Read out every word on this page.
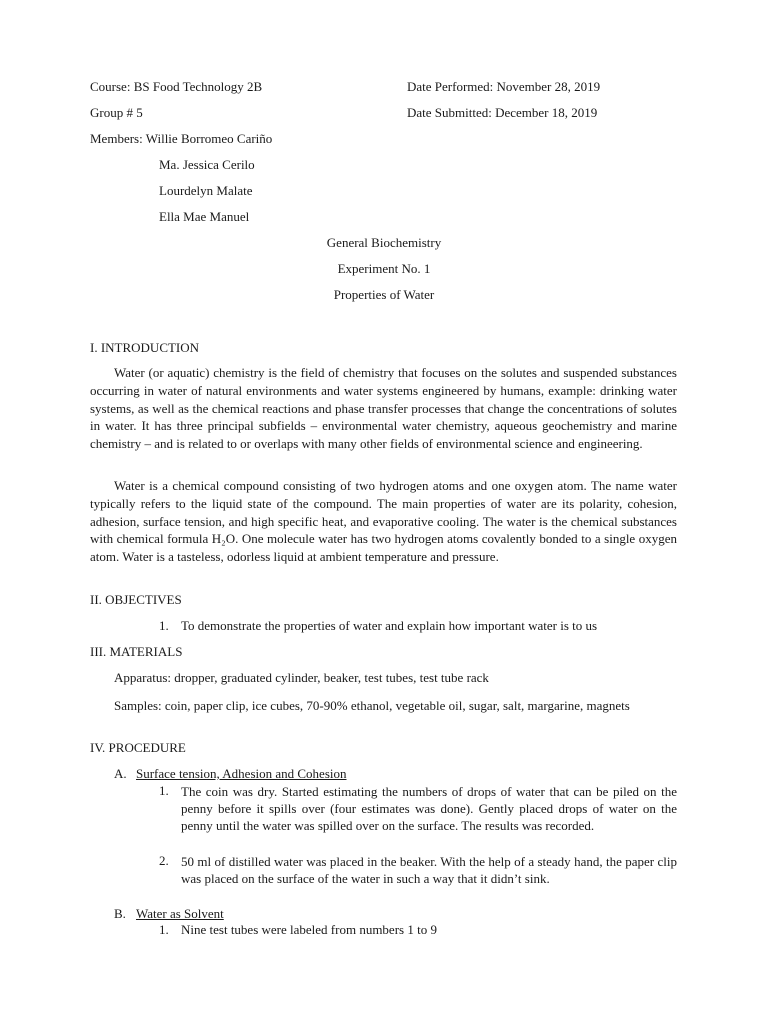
Course: BS Food Technology 2B	Date Performed: November 28, 2019
Group # 5	Date Submitted: December 18, 2019
Members: Willie Borromeo Cariño
Ma. Jessica Cerilo
Lourdelyn Malate
Ella Mae Manuel
General Biochemistry
Experiment No. 1
Properties of Water
I. INTRODUCTION
Water (or aquatic) chemistry is the field of chemistry that focuses on the solutes and suspended substances occurring in water of natural environments and water systems engineered by humans, example: drinking water systems, as well as the chemical reactions and phase transfer processes that change the concentrations of solutes in water. It has three principal subfields – environmental water chemistry, aqueous geochemistry and marine chemistry – and is related to or overlaps with many other fields of environmental science and engineering.
Water is a chemical compound consisting of two hydrogen atoms and one oxygen atom. The name water typically refers to the liquid state of the compound. The main properties of water are its polarity, cohesion, adhesion, surface tension, and high specific heat, and evaporative cooling. The water is the chemical substances with chemical formula H₂O. One molecule water has two hydrogen atoms covalently bonded to a single oxygen atom. Water is a tasteless, odorless liquid at ambient temperature and pressure.
II. OBJECTIVES
1. To demonstrate the properties of water and explain how important water is to us
III. MATERIALS
Apparatus: dropper, graduated cylinder, beaker, test tubes, test tube rack
Samples: coin, paper clip, ice cubes, 70-90% ethanol, vegetable oil, sugar, salt, margarine, magnets
IV. PROCEDURE
A. Surface tension, Adhesion and Cohesion
1. The coin was dry. Started estimating the numbers of drops of water that can be piled on the penny before it spills over (four estimates was done). Gently placed drops of water on the penny until the water was spilled over on the surface. The results was recorded.
2. 50 ml of distilled water was placed in the beaker. With the help of a steady hand, the paper clip was placed on the surface of the water in such a way that it didn’t sink.
B. Water as Solvent
1. Nine test tubes were labeled from numbers 1 to 9
